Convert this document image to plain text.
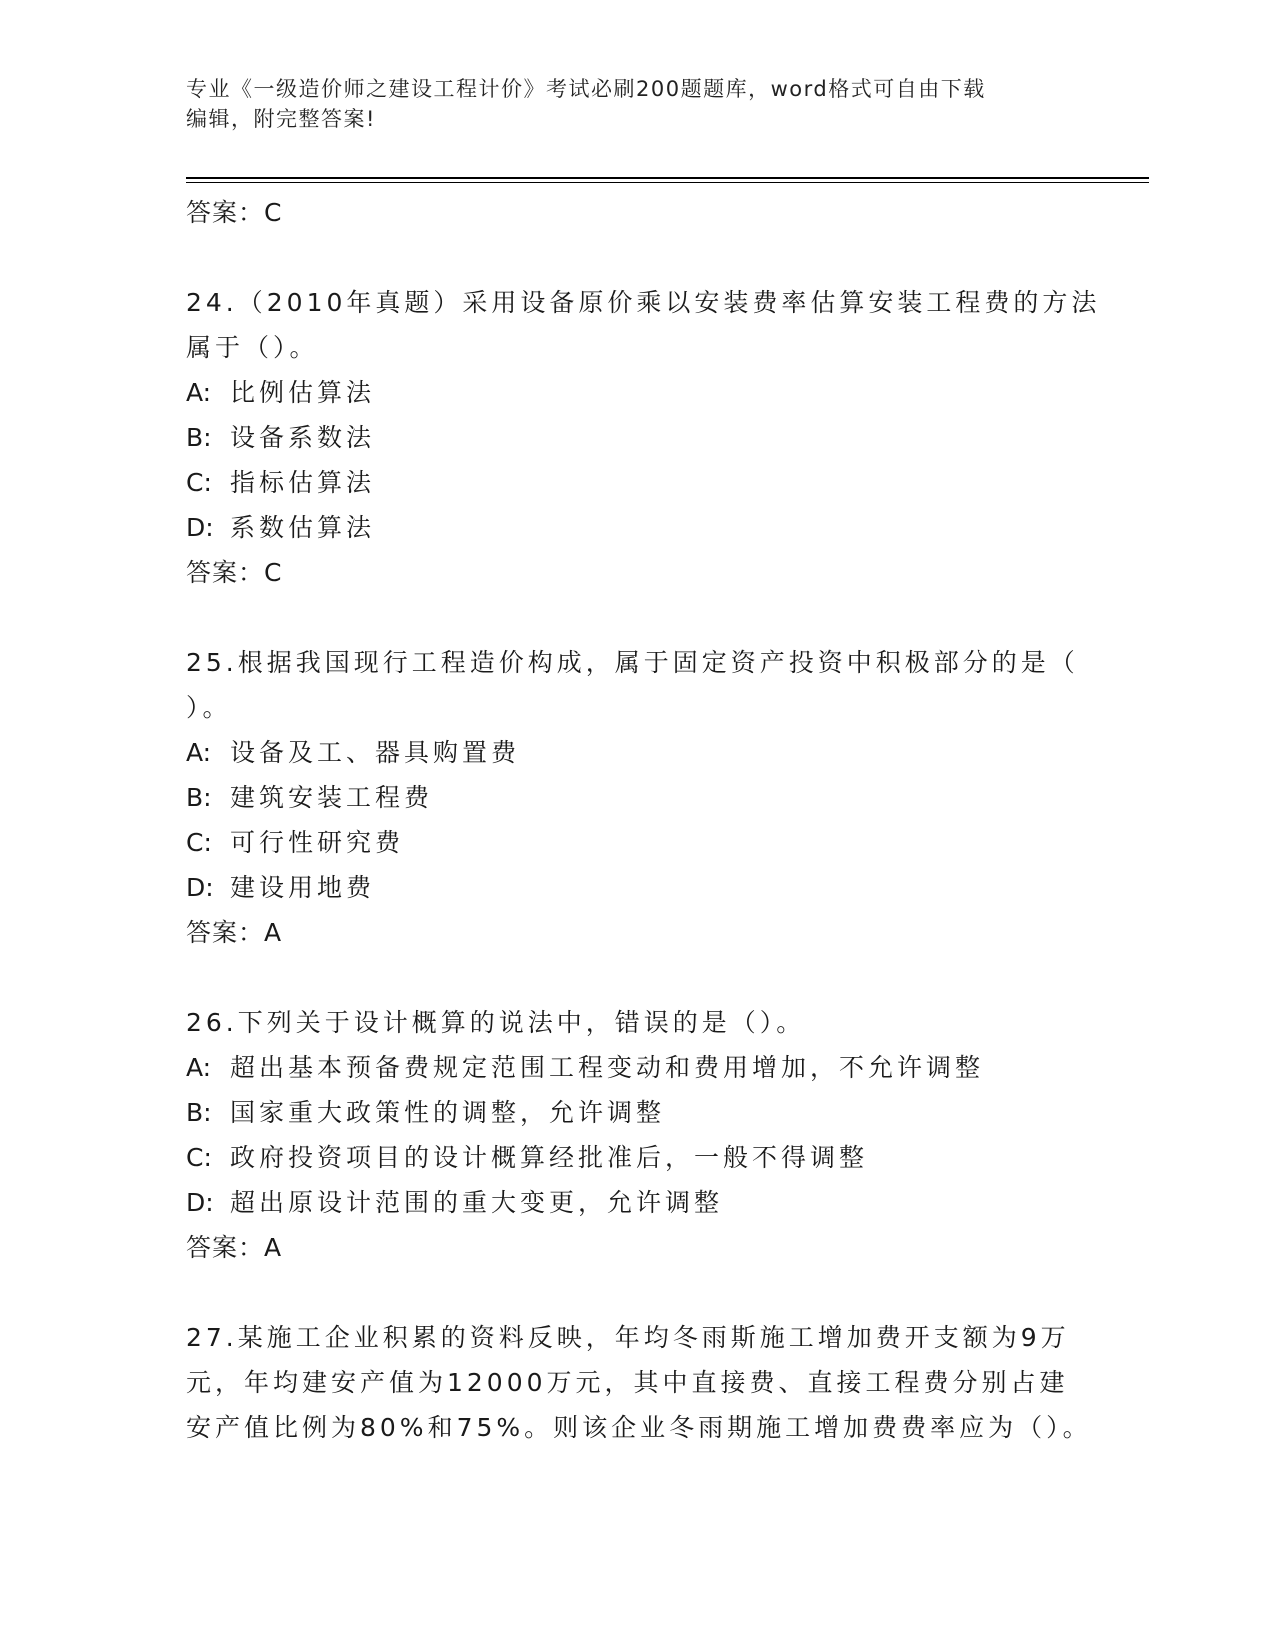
专业《一级造价师之建设工程计价》考试必刷200题题库，word格式可自由下载
编辑，附完整答案!
答案：C
24.（2010年真题）采用设备原价乘以安装费率估算安装工程费的方法
属于（）。
A: 比例估算法
B: 设备系数法
C: 指标估算法
D: 系数估算法
答案：C
25.根据我国现行工程造价构成，属于固定资产投资中积极部分的是（
）。
A: 设备及工、器具购置费
B: 建筑安装工程费
C: 可行性研究费
D: 建设用地费
答案：A
26.下列关于设计概算的说法中，错误的是（）。
A: 超出基本预备费规定范围工程变动和费用增加，不允许调整
B: 国家重大政策性的调整，允许调整
C: 政府投资项目的设计概算经批准后，一般不得调整
D: 超出原设计范围的重大变更，允许调整
答案：A
27.某施工企业积累的资料反映，年均冬雨斯施工增加费开支额为9万
元，年均建安产值为12000万元，其中直接费、直接工程费分别占建
安产值比例为80%和75%。则该企业冬雨期施工增加费费率应为（）。
